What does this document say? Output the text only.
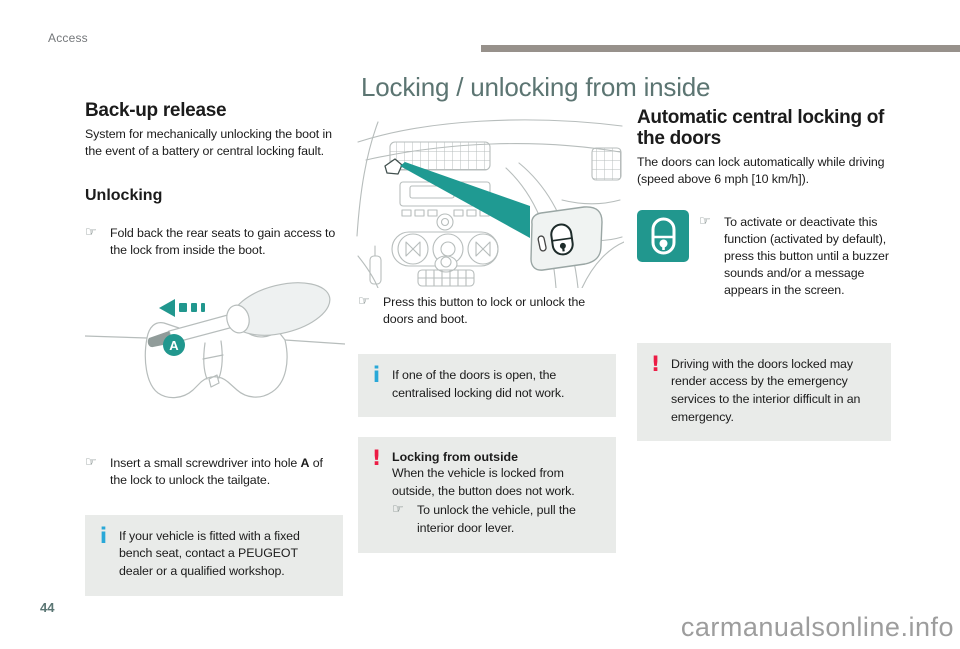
Access
Locking / unlocking from inside
Back-up release

System for mechanically unlocking the boot in the event of a battery or central locking fault.

Unlocking
☞	Fold back the rear seats to gain access to the lock from inside the boot.

A
☞	Insert a small screwdriver into hole A of the lock to unlock the tailgate.

i If your vehicle is fitted with a fixed bench seat, contact a PEUGEOT dealer or a qualified workshop.

☞	Press this button to lock or unlock the doors and boot.

i If one of the doors is open, the centralised locking did not work.

! Locking from outside

When the vehicle is locked from outside, the button does not work.

☞	To unlock the vehicle, pull the interior door lever.

Automatic central locking of the doors

The doors can lock automatically while driving (speed above 6 mph [10 km/h]).

☞	To activate or deactivate this function (activated by default), press this button until a buzzer sounds and/or a message appears in the screen.

! Driving with the doors locked may render access by the emergency services to the interior difficult in an emergency.

44
carmanualsonline.info
